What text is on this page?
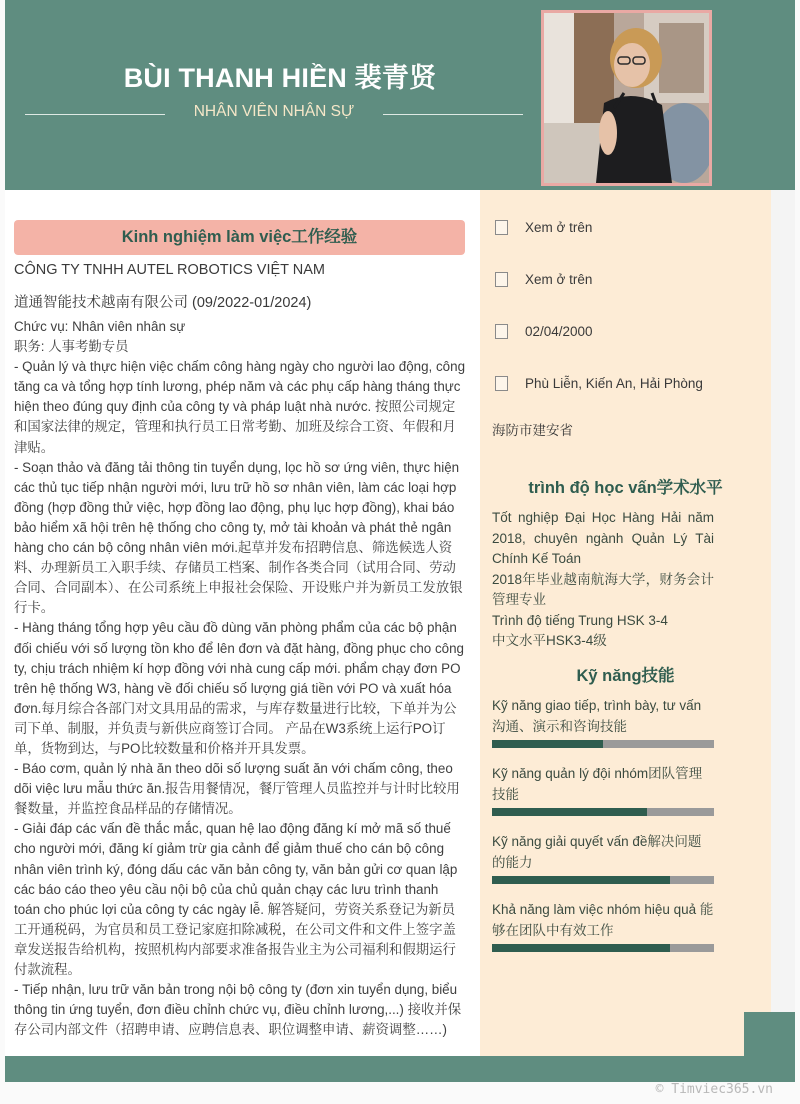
BÙI THANH HIỀN 裴青贤
NHÂN VIÊN NHÂN SỰ
Kinh nghiệm làm việc工作经验
CÔNG TY TNHH AUTEL ROBOTICS VIỆT NAM
道通智能技术越南有限公司 (09/2022-01/2024)
Chức vụ: Nhân viên nhân sự
职务: 人事考勤专员
- Quản lý và thực hiện việc chấm công hàng ngày cho người lao động, công tăng ca và tổng hợp tính lương, phép năm và các phụ cấp hàng tháng thực hiện theo đúng quy định của công ty và pháp luật nhà nước. 按照公司规定和国家法律的规定，管理和执行员工日常考勤、加班及综合工资、年假和月津贴。
- Soạn thảo và đăng tải thông tin tuyển dụng, lọc hồ sơ ứng viên, thực hiện các thủ tục tiếp nhận người mới, lưu trữ hồ sơ nhân viên, làm các loại hợp đồng (hợp đồng thử việc, hợp đồng lao động, phụ lục hợp đồng), khai báo bảo hiểm xã hội trên hệ thống cho công ty, mở tài khoản và phát thẻ ngân hàng cho cán bộ công nhân viên mới.起草并发布招聘信息、筛选候选人资料、办理新员工入职手续、存储员工档案、制作各类合同（试用合同、劳动合同、合同副本）、在公司系统上申报社会保险、开设账户并为新员工发放银行卡。
- Hàng tháng tổng hợp yêu cầu đồ dùng văn phòng phẩm của các bộ phận đối chiếu với số lượng tồn kho để lên đơn và đặt hàng, đồng phục cho công ty, chịu trách nhiệm kí hợp đồng với nhà cung cấp mới. phẩm chạy đơn PO trên hệ thống W3, hàng về đối chiếu số lượng giá tiền với PO và xuất hóa đơn.每月综合各部门对文具用品的需求，与库存数量进行比较，下单并为公司下单、制服，并负责与新供应商签订合同。 产品在W3系统上运行PO订单，货物到达，与PO比较数量和价格并开具发票。
- Báo cơm, quản lý nhà ăn theo dõi số lượng suất ăn với chấm công, theo dõi việc lưu mẫu thức ăn.报告用餐情况，餐厅管理人员监控并与计时比较用餐数量，并监控食品样品的存储情况。
- Giải đáp các vấn đề thắc mắc, quan hệ lao động đăng kí mở mã số thuế cho người mới, đăng kí giảm trừ gia cảnh để giảm thuế cho cán bộ công nhân viên trình ký, đóng dấu các văn bản công ty, văn bản gửi cơ quan lập các báo cáo theo yêu cầu nội bộ của chủ quản chạy các lưu trình thanh toán cho phúc lợi của công ty các ngày lễ. 解答疑问，劳资关系登记为新员工开通税码，为官员和员工登记家庭扣除减税，在公司文件和文件上签字盖章发送报告给机构，按照机构内部要求准备报告业主为公司福利和假期运行付款流程。
- Tiếp nhận, lưu trữ văn bản trong nội bộ công ty (đơn xin tuyển dụng, biểu thông tin ứng tuyển, đơn điều chỉnh chức vụ, điều chỉnh lương,...) 接收并保存公司内部文件（招聘申请、应聘信息表、职位调整申请、薪资调整……)
Xem ở trên
Xem ở trên
02/04/2000
Phù Liễn, Kiến An, Hải Phòng
海防市建安省
trình độ học vấn学术水平
Tốt nghiệp Đại Học Hàng Hải năm 2018, chuyên ngành Quản Lý Tài Chính Kế Toán
2018年毕业越南航海大学，财务会计管理专业
Trình độ tiếng Trung HSK 3-4
中文水平HSK3-4级
Kỹ năng技能
Kỹ năng giao tiếp, trình bày, tư vấn 沟通、演示和咨询技能
Kỹ năng quản lý đội nhóm团队管理技能
Kỹ năng giải quyết vấn đề解决问题的能力
Khả năng làm việc nhóm hiệu quả 能够在团队中有效工作
© Timviec365.vn
